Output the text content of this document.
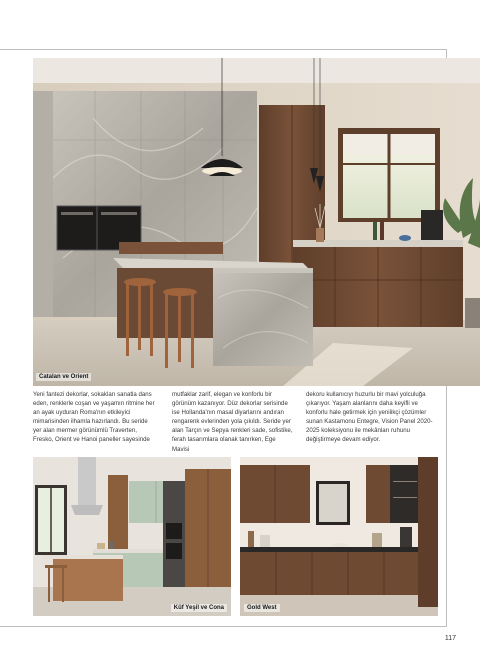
Catalan ve Orient

Yeni fantezi dekorlar, sokakları sanatla dans eden, renklerle coşan ve yaşamın ritmine her an ayak uyduran Roma'nın etkileyici mimarisinden ilhamla hazırlandı. Bu seride yer alan mermer görünümlü Traverten, Fresko, Orient ve Hanoi paneller sayesinde

mutfaklar zarif, elegan ve konforlu bir görünüm kazanıyor. Düz dekorlar serisinde ise Hollanda'nın masal diyarlarını andıran rengarenk evlerinden yola çıkıldı. Seride yer alan Tarçın ve Sepya renkleri sade, sofistike, ferah tasarımlara olanak tanırken, Ege Mavisi

dekoru kullanıcıyı huzurlu bir mavi yolculuğa çıkarıyor. Yaşam alanlarını daha keyifli ve konforlu hale getirmek için yenilikçi çözümler sunan Kastamonu Entegre, Vision Panel 2020-2025 koleksiyonu ile mekânları ruhunu değiştirmeye devam ediyor.

Küf Yeşil ve Cona	Gold West
117
